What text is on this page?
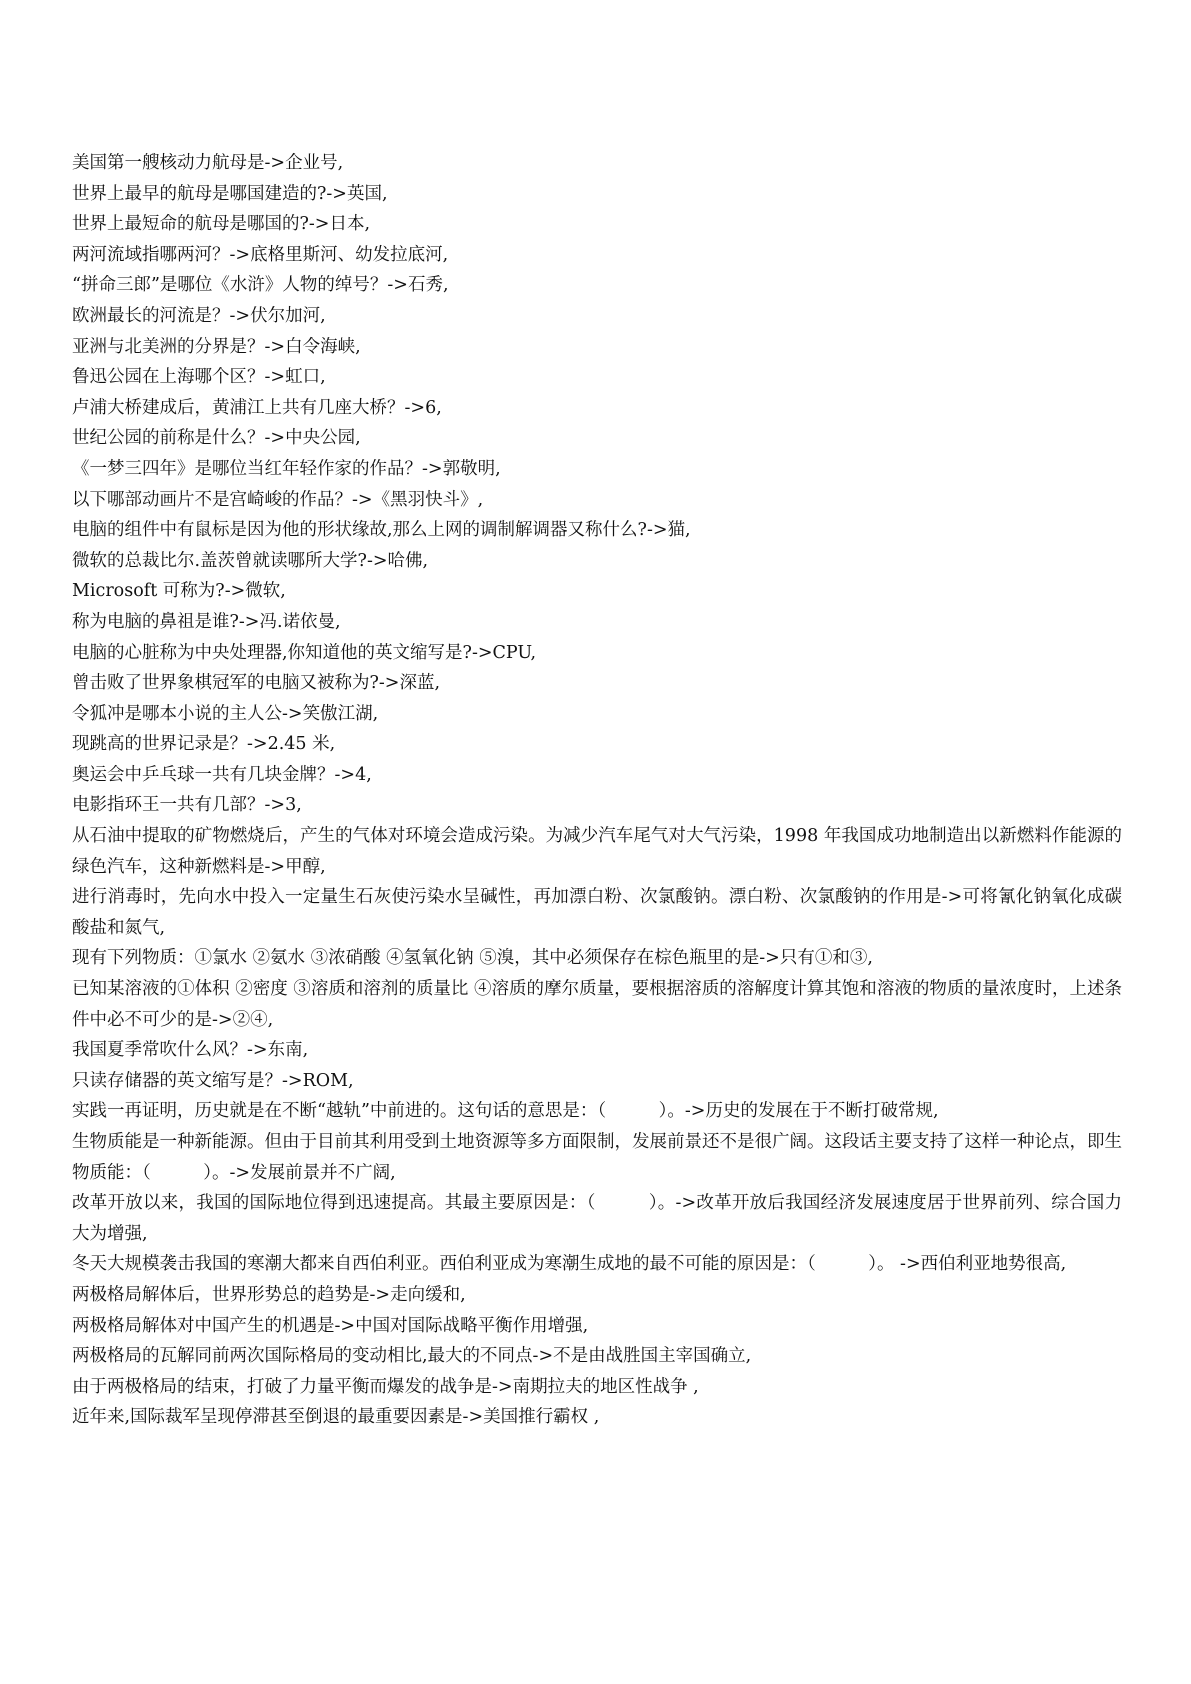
美国第一艘核动力航母是->企业号,

世界上最早的航母是哪国建造的?->英国,

世界上最短命的航母是哪国的?->日本,

两河流域指哪两河？->底格里斯河、幼发拉底河,

“拼命三郎”是哪位《水浒》人物的绰号？->石秀,

欧洲最长的河流是？->伏尔加河,

亚洲与北美洲的分界是？->白令海峡,

鲁迅公园在上海哪个区？->虹口,

卢浦大桥建成后，黄浦江上共有几座大桥？->6,

世纪公园的前称是什么？->中央公园,

《一梦三四年》是哪位当红年轻作家的作品？->郭敬明,

以下哪部动画片不是宫崎峻的作品？->《黑羽快斗》,

电脑的组件中有鼠标是因为他的形状缘故,那么上网的调制解调器又称什么?->猫,

微软的总裁比尔.盖茨曾就读哪所大学?->哈佛,

Microsoft 可称为?->微软,

称为电脑的鼻祖是谁?->冯.诺依曼,

电脑的心脏称为中央处理器,你知道他的英文缩写是?->CPU,

曾击败了世界象棋冠军的电脑又被称为?->深蓝,

令狐冲是哪本小说的主人公->笑傲江湖,

现跳高的世界记录是？->2.45 米,

奥运会中乒乓球一共有几块金牌？->4,

电影指环王一共有几部？->3,

从石油中提取的矿物燃烧后，产生的气体对环境会造成污染。为减少汽车尾气对大气污染，1998 年我国成功地制造出以新燃料作能源的绿色汽车，这种新燃料是->甲醇,

进行消毒时，先向水中投入一定量生石灰使污染水呈碱性，再加漂白粉、次氯酸钠。漂白粉、次氯酸钠的作用是->可将氰化钠氧化成碳酸盐和氮气,

现有下列物质：①氯水 ②氨水 ③浓硝酸 ④氢氧化钠 ⑤溴，其中必须保存在棕色瓶里的是->只有①和③,

已知某溶液的①体积 ②密度 ③溶质和溶剂的质量比 ④溶质的摩尔质量，要根据溶质的溶解度计算其饱和溶液的物质的量浓度时，上述条件中必不可少的是->②④,

我国夏季常吹什么风？->东南,

只读存储器的英文缩写是？->ROM,

实践一再证明，历史就是在不断“越轨”中前进的。这句话的意思是：（　　　）。->历史的发展在于不断打破常规,

生物质能是一种新能源。但由于目前其利用受到土地资源等多方面限制，发展前景还不是很广阔。这段话主要支持了这样一种论点，即生物质能：（　　　）。->发展前景并不广阔,

改革开放以来，我国的国际地位得到迅速提高。其最主要原因是：（　　　）。->改革开放后我国经济发展速度居于世界前列、综合国力大为增强,

冬天大规模袭击我国的寒潮大都来自西伯利亚。西伯利亚成为寒潮生成地的最不可能的原因是：（　　　）。 ->西伯利亚地势很高,

两极格局解体后，世界形势总的趋势是->走向缓和,

两极格局解体对中国产生的机遇是->中国对国际战略平衡作用增强,

两极格局的瓦解同前两次国际格局的变动相比,最大的不同点->不是由战胜国主宰国确立,

由于两极格局的结束，打破了力量平衡而爆发的战争是->南期拉夫的地区性战争 ,

近年来,国际裁军呈现停滞甚至倒退的最重要因素是->美国推行霸权 ,
